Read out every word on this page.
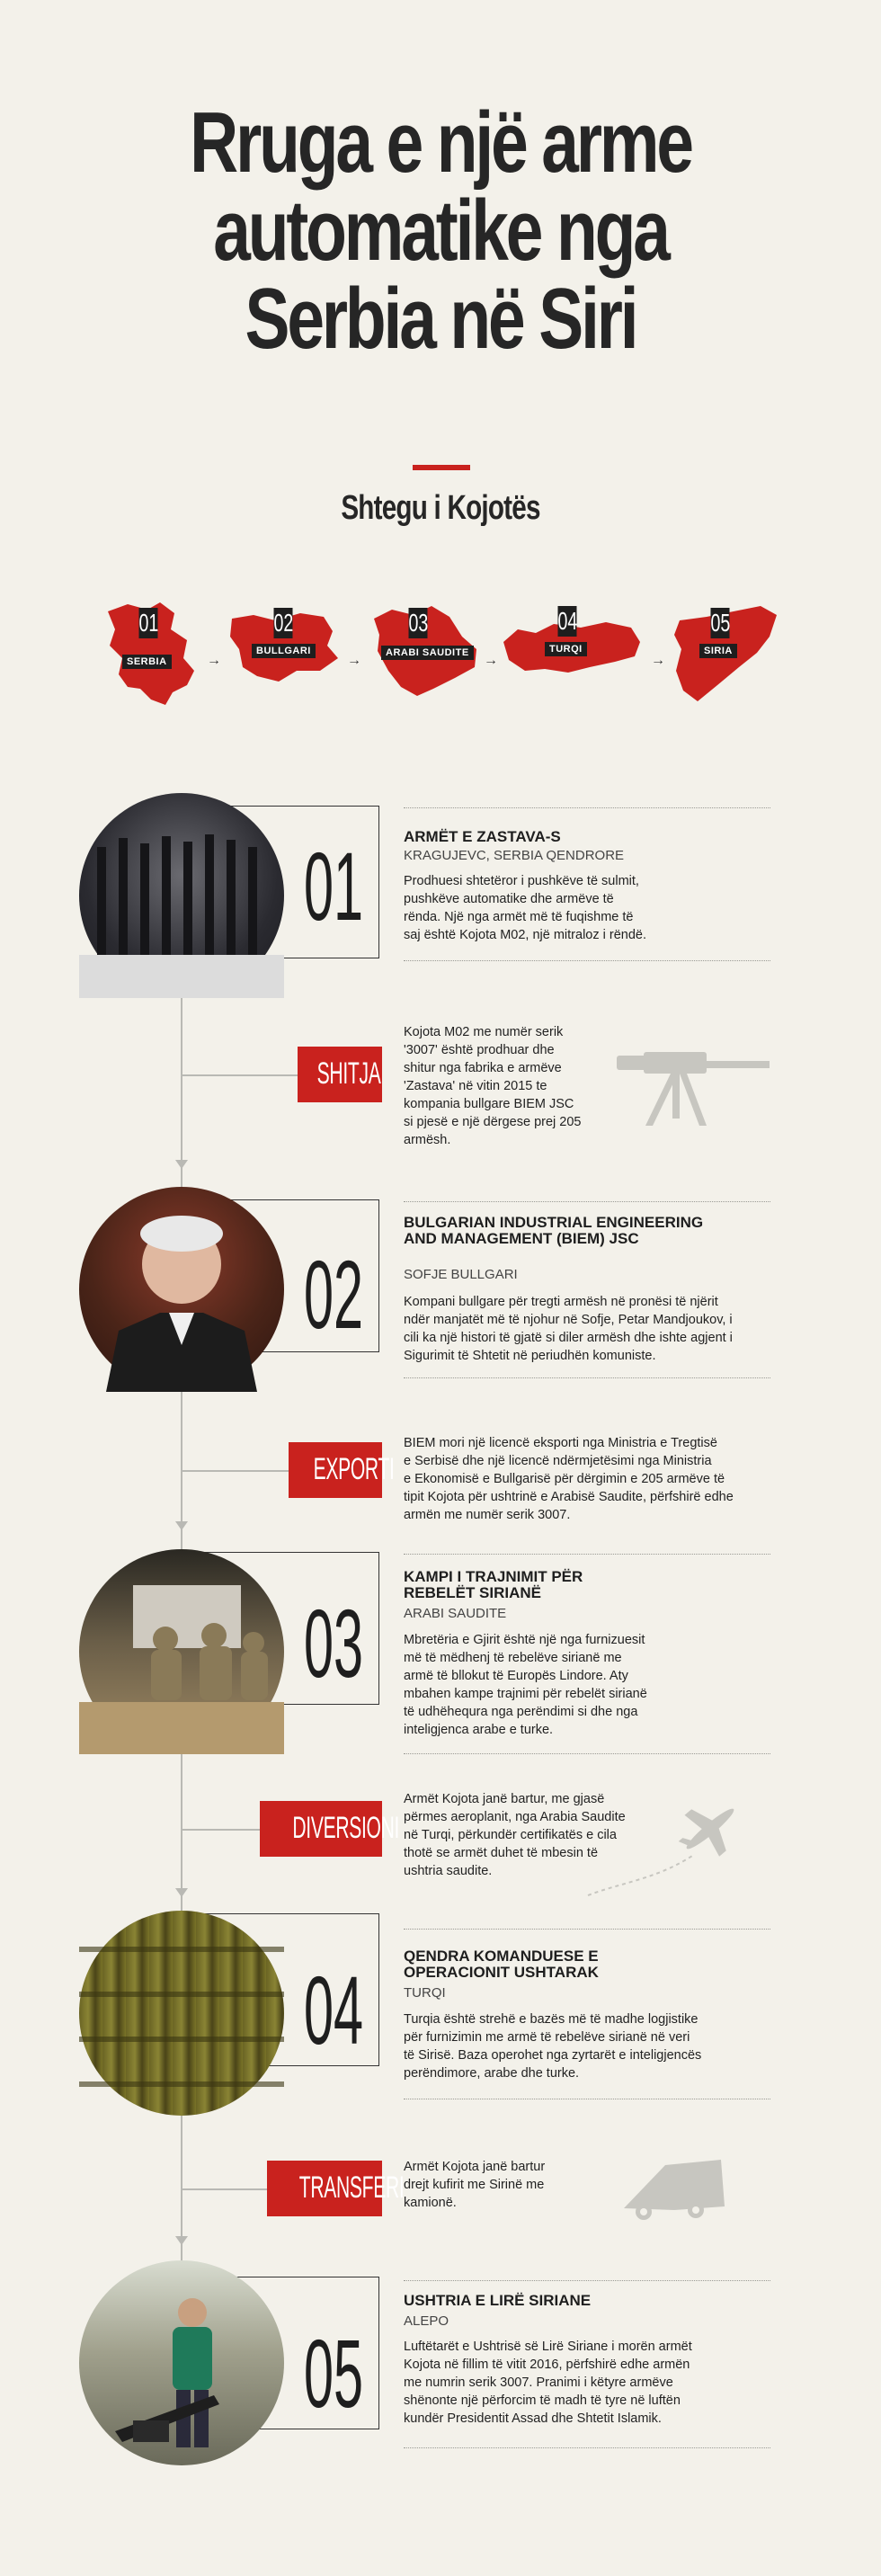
Rruga e një arme
automatike nga
Serbia në Siri
Shtegu i Kojotës
01
SERBIA	→
02
BULLGARI
→
03
ARABI SAUDITE	→
04
TURQI
→
05
SIRIA
01	ARMËT E ZASTAVA-S
KRAGUJEVC, SERBIA QENDRORE
Prodhuesi shtetëror i pushkëve të sulmit,
pushkëve automatike dhe armëve të
rënda. Një nga armët më të fuqishme të
saj është Kojota M02, një mitraloz i rëndë.
SHITJA
Kojota M02 me numër serik
'3007' është prodhuar dhe
shitur nga fabrika e armëve
'Zastava' në vitin 2015 te
kompania bullgare BIEM JSC
si pjesë e një dërgese prej 205
armësh.
02
BULGARIAN INDUSTRIAL ENGINEERING AND MANAGEMENT (BIEM) JSC
SOFJE BULLGARI
Kompani bullgare për tregti armësh në pronësi të njërit
ndër manjatët më të njohur në Sofje, Petar Mandjoukov, i
cili ka një histori të gjatë si diler armësh dhe ishte agjent i
Sigurimit të Shtetit në periudhën komuniste.
EXPORTI
BIEM mori një licencë eksporti nga Ministria e Tregtisë
e Serbisë dhe një licencë ndërmjetësimi nga Ministria
e Ekonomisë e Bullgarisë për dërgimin e 205 armëve të
tipit Kojota për ushtrinë e Arabisë Saudite, përfshirë edhe
armën me numër serik 3007.
03
KAMPI I TRAJNIMIT PËR REBELËT SIRIANË
ARABI SAUDITE
Mbretëria e Gjirit është një nga furnizuesit
më të mëdhenj të rebelëve sirianë me
armë të bllokut të Europës Lindore. Aty
mbahen kampe trajnimi për rebelët sirianë
të udhëhequra nga perëndimi si dhe nga
inteligjenca arabe e turke.
DIVERSIONI
Armët Kojota janë bartur, me gjasë
përmes aeroplanit, nga Arabia Saudite
në Turqi, përkundër certifikatës e cila
thotë se armët duhet të mbesin të
ushtria saudite.
04	QENDRA KOMANDUESE E OPERACIONIT USHTARAK
TURQI
Turqia është strehë e bazës më të madhe logjistike
për furnizimin me armë të rebelëve sirianë në veri
të Sirisë. Baza operohet nga zyrtarët e inteligjencës
perëndimore, arabe dhe turke.
TRANSFERI
Armët Kojota janë bartur
drejt kufirit me Sirinë me
kamionë.
05
USHTRIA E LIRË SIRIANE
ALEPO
Luftëtarët e Ushtrisë së Lirë Siriane i morën armët
Kojota në fillim të vitit 2016, përfshirë edhe armën
me numrin serik 3007. Pranimi i këtyre armëve
shënonte një përforcim të madh të tyre në luftën
kundër Presidentit Assad dhe Shtetit Islamik.
